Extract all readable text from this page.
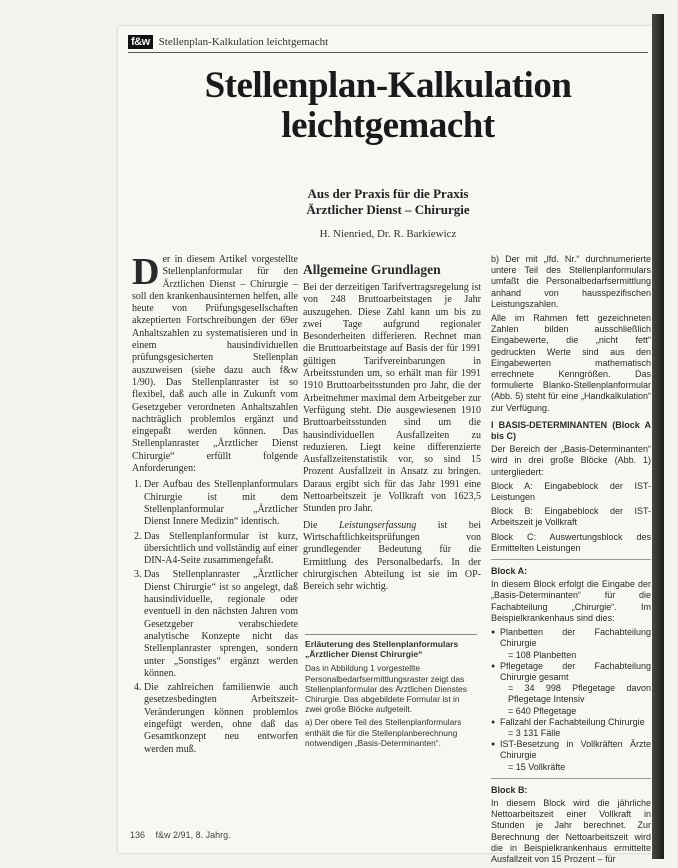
f&w Stellenplan-Kalkulation leichtgemacht
Stellenplan-Kalkulation
leichtgemacht
Aus der Praxis für die Praxis
Ärztlicher Dienst – Chirurgie
H. Nienried, Dr. R. Barkiewicz
D er in diesem Artikel vorgestellte Stellenplanformular für den Ärztlichen Dienst – Chirurgie – soll den krankenhausinternen helfen, alle heute von Prüfungsgesellschaften akzeptierten Fortschreibungen der 69er Anhaltszahlen zu systematisieren und in einem hausindividuellen prüfungsgesicherten Stellenplan auszuweisen (siehe dazu auch f&w 1/90). Das Stellenplanraster ist so flexibel, daß auch alle in Zukunft vom Gesetzgeber verordneten Anhaltszahlen nachträglich problemlos ergänzt und eingepaßt werden können. Das Stellenplanraster „Ärztlicher Dienst Chirurgie“ erfüllt folgende Anforderungen:

1. Der Aufbau des Stellenplanformulars Chirurgie ist mit dem Stellenplanformular „Ärztlicher Dienst Innere Medizin“ identisch.
2. Das Stellenplanformular ist kurz, übersichtlich und vollständig auf einer DIN-A4-Seite zusammengefaßt.
3. Das Stellenplanraster „Ärztlicher Dienst Chirurgie“ ist so angelegt, daß hausindividuelle, regionale oder eventuell in den nächsten Jahren vom Gesetzgeber verabschiedete analytische Konzepte nicht das Stellenplanraster sprengen, sondern unter „Sonstiges“ ergänzt werden können.
4. Die zahlreichen familienwie auch gesetzesbedingten Arbeitszeit-Veränderungen können problemlos eingefügt werden, ohne daß das Gesamtkonzept neu entworfen werden muß.
Allgemeine Grundlagen

Bei der derzeitigen Tarifvertragsregelung ist von 248 Bruttoarbeitstagen je Jahr auszugehen. Diese Zahl kann um bis zu zwei Tage aufgrund regionaler Besonderheiten differieren. Rechnet man die Bruttoarbeitstage auf Basis der für 1991 gültigen Tarifvereinbarungen in Arbeitsstunden um, so erhält man für 1991 1910 Bruttoarbeitsstunden pro Jahr, die der Arbeitnehmer maximal dem Arbeitgeber zur Verfügung steht. Die ausgewiesenen 1910 Bruttoarbeitsstunden sind um die hausindividuellen Ausfallzeiten zu reduzieren. Liegt keine differenzierte Ausfallzeitenstatistik vor, so sind 15 Prozent Ausfallzeit in Ansatz zu bringen. Daraus ergibt sich für das Jahr 1991 eine Nettoarbeitszeit je Vollkraft von 1623,5 Stunden pro Jahr.

Die Leistungserfassung ist bei Wirtschaftlichkeitsprüfungen von grundlegender Bedeutung für die Ermittlung des Personalbedarfs. In der chirurgischen Abteilung ist sie im OP-Bereich sehr wichtig.

Erläuterung des Stellenplanformulars „Ärztlicher Dienst Chirurgie“

Das in Abbildung 1 vorgestellte Personalbedarfsermittlungsraster zeigt das Stellenplanformular des Ärztlichen Dienstes Chirurgie. Das abgebildete Formular ist in zwei große Blöcke aufgeteilt.

a) Der obere Teil des Stellenplanformulars enthält die für die Stellenplanberechnung notwendigen „Basis-Determinanten“.

b) Der mit „lfd. Nr.“ durchnumerierte untere Teil des Stellenplanformulars umfaßt die Personalbedarfsermittlung anhand von hausspezifischen Leistungszahlen.

Alle im Rahmen fett gezeichneten Zahlen bilden ausschließlich Eingabewerte, die „nicht fett“ gedruckten Werte sind aus den Eingabewerten mathematisch errechnete Kenngrößen. Das formulierte Blanko-Stellenplanformular (Abb. 5) steht für eine „Handkalkulation“ zur Verfügung.

I BASIS-DETERMINANTEN (Block A bis C)

Der Bereich der „Basis-Determinanten“ wird in drei große Blöcke (Abb. 1) untergliedert:

Block A: Eingabeblock der IST-Leistungen

Block B: Eingabeblock der IST-Arbeitszeit je Vollkraft

Block C: Auswertungsblock des Ermittelten Leistungen

Block A:

In diesem Block erfolgt die Eingabe der „Basis-Determinanten“ für die Fachabteilung „Chirurgie“. Im Beispielkrankenhaus sind dies:

● Planbetten der Fachabteilung Chirurgie
= 108 Planbetten
● Pflegetage der Fachabteilung Chirurgie gesamt
= 34 998 Pflegetage davon Pflegetage Intensiv
= 640 Pflegetage
● Fallzahl der Fachabteilung Chirurgie
= 3 131 Fälle
● IST-Besetzung in Vollkräften Ärzte Chirurgie
= 15 Vollkräfte
Block B:

In diesem Block wird die jährliche Nettoarbeitszeit einer Vollkraft in Stunden je Jahr berechnet. Zur Berechnung der Nettoarbeitszeit wird die in Beispielkrankenhaus ermittelte Ausfallzeit von 15 Prozent – für

136 f&w 2/91, 8. Jahrg.
